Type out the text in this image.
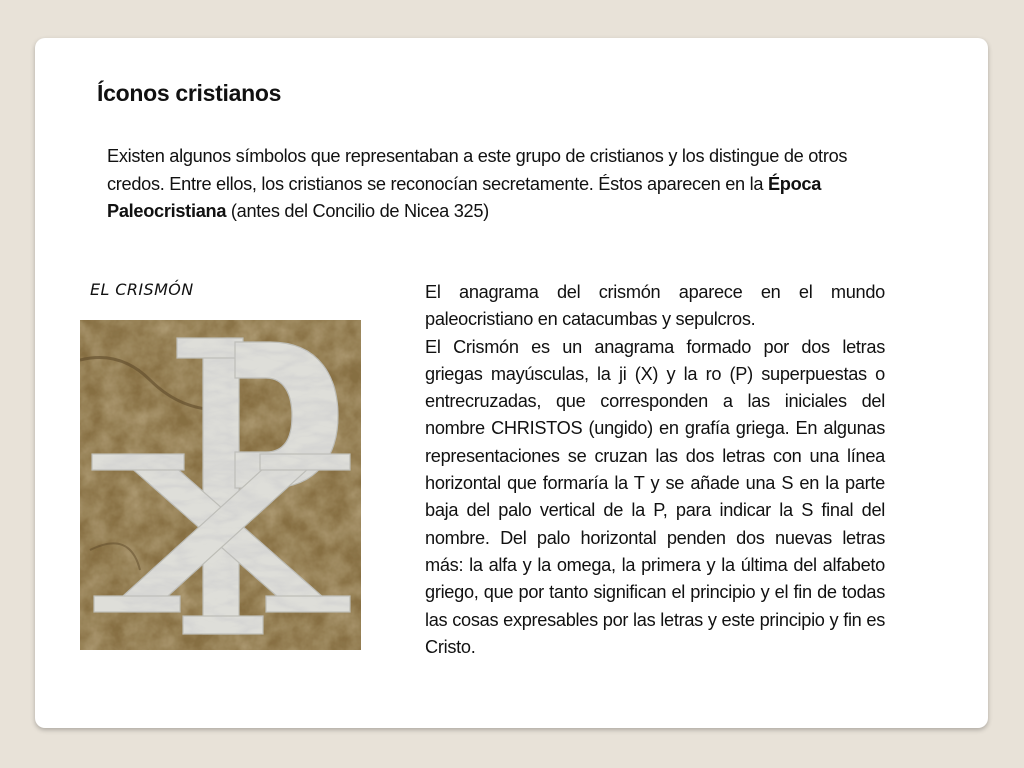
Íconos cristianos

Existen algunos símbolos que representaban a este grupo de cristianos y los distingue de otros credos. Entre ellos, los cristianos se reconocían secretamente. Éstos aparecen en la Época Paleocristiana (antes del Concilio de Nicea 325)

EL CRISMÓN	El anagrama del crismón aparece en el mundo paleocristiano en catacumbas y sepulcros.

El Crismón es un anagrama formado por dos letras griegas mayúsculas, la ji (X) y la ro (P) superpuestas o entrecruzadas, que corresponden a las iniciales del nombre CHRISTOS (ungido) en grafía griega. En algunas representaciones se cruzan las dos letras con una línea horizontal que formaría la T y se añade una S en la parte baja del palo vertical de la P, para indicar la S final del nombre. Del palo horizontal penden dos nuevas letras más: la alfa y la omega, la primera y la última del alfabeto griego, que por tanto significan el principio y el fin de todas las cosas expresables por las letras y este principio y fin es Cristo.
